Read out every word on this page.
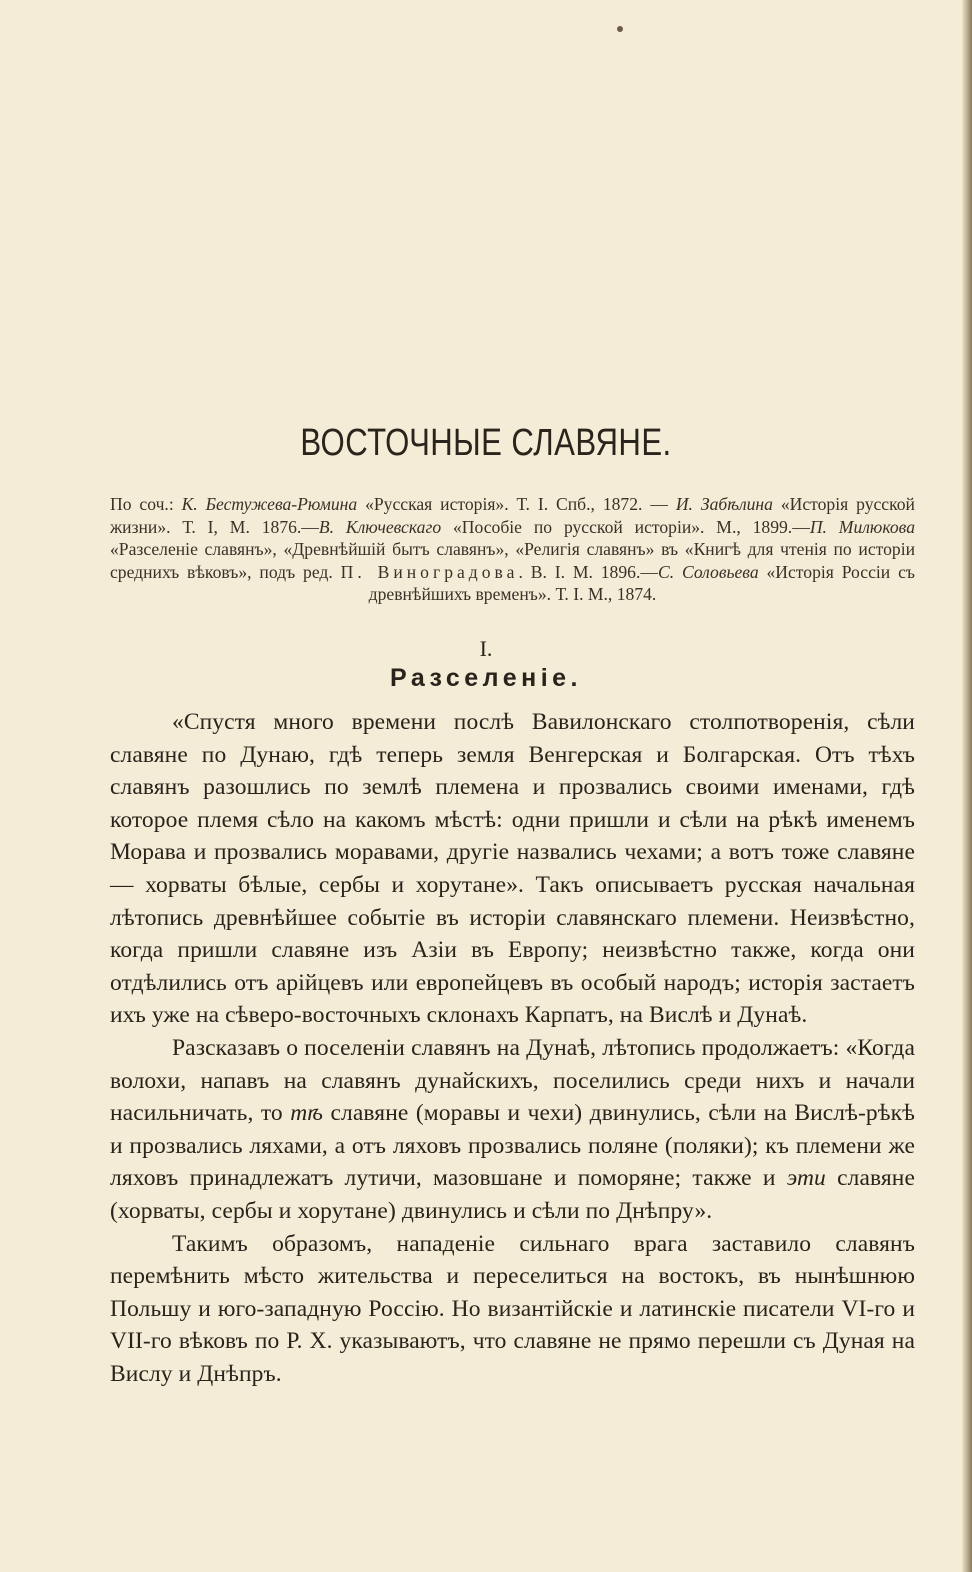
ВОСТОЧНЫЕ СЛАВЯНЕ.
По соч.: К. Бестужева-Рюмина «Русская исторія». Т. I. Спб., 1872. — И. Забѣлина «Исторія русской жизни». Т. I, М. 1876.—В. Ключевскаго «Пособіе по русской исторіи». М., 1899.—П. Милюкова «Разселеніе славянъ», «Древнѣйшій бытъ славянъ», «Религія славянъ» въ «Книгѣ для чтенія по исторіи среднихъ вѣковъ», подъ ред. П. Виноградова. В. I. М. 1896.—С. Соловьева «Исторія Россіи съ древнѣйшихъ временъ». Т. I. М., 1874.
I.
Разселеніе.

«Спустя много времени послѣ Вавилонскаго столпотворенія, сѣли славяне по Дунаю, гдѣ теперь земля Венгерская и Болгарская. Отъ тѣхъ славянъ разошлись по землѣ племена и прозвались своими именами, гдѣ которое племя сѣло на какомъ мѣстѣ: одни пришли и сѣли на рѣкѣ именемъ Морава и прозвались моравами, другіе назвались чехами; а вотъ тоже славяне — хорваты бѣлые, сербы и хорутане». Такъ описываетъ русская начальная лѣтопись древнѣйшее событіе въ исторіи славянскаго племени. Неизвѣстно, когда пришли славяне изъ Азіи въ Европу; неизвѣстно также, когда они отдѣлились отъ арійцевъ или европейцевъ въ особый народъ; исторія застаетъ ихъ уже на сѣверо-восточныхъ склонахъ Карпатъ, на Вислѣ и Дунаѣ.

Разсказавъ о поселеніи славянъ на Дунаѣ, лѣтопись продолжаетъ: «Когда волохи, напавъ на славянъ дунайскихъ, поселились среди нихъ и начали насильничать, то тѣ славяне (моравы и чехи) двинулись, сѣли на Вислѣ-рѣкѣ и прозвались ляхами, а отъ ляховъ прозвались поляне (поляки); къ племени же ляховъ принадлежатъ лутичи, мазовшане и поморяне; также и эти славяне (хорваты, сербы и хорутане) двинулись и сѣли по Днѣпру».

Такимъ образомъ, нападеніе сильнаго врага заставило славянъ перемѣнить мѣсто жительства и переселиться на востокъ, въ нынѣшнюю Польшу и юго-западную Россію. Но византійскіе и латинскіе писатели VI-го и VII-го вѣковъ по Р. Х. указываютъ, что славяне не прямо перешли съ Дуная на Вислу и Днѣпръ.
